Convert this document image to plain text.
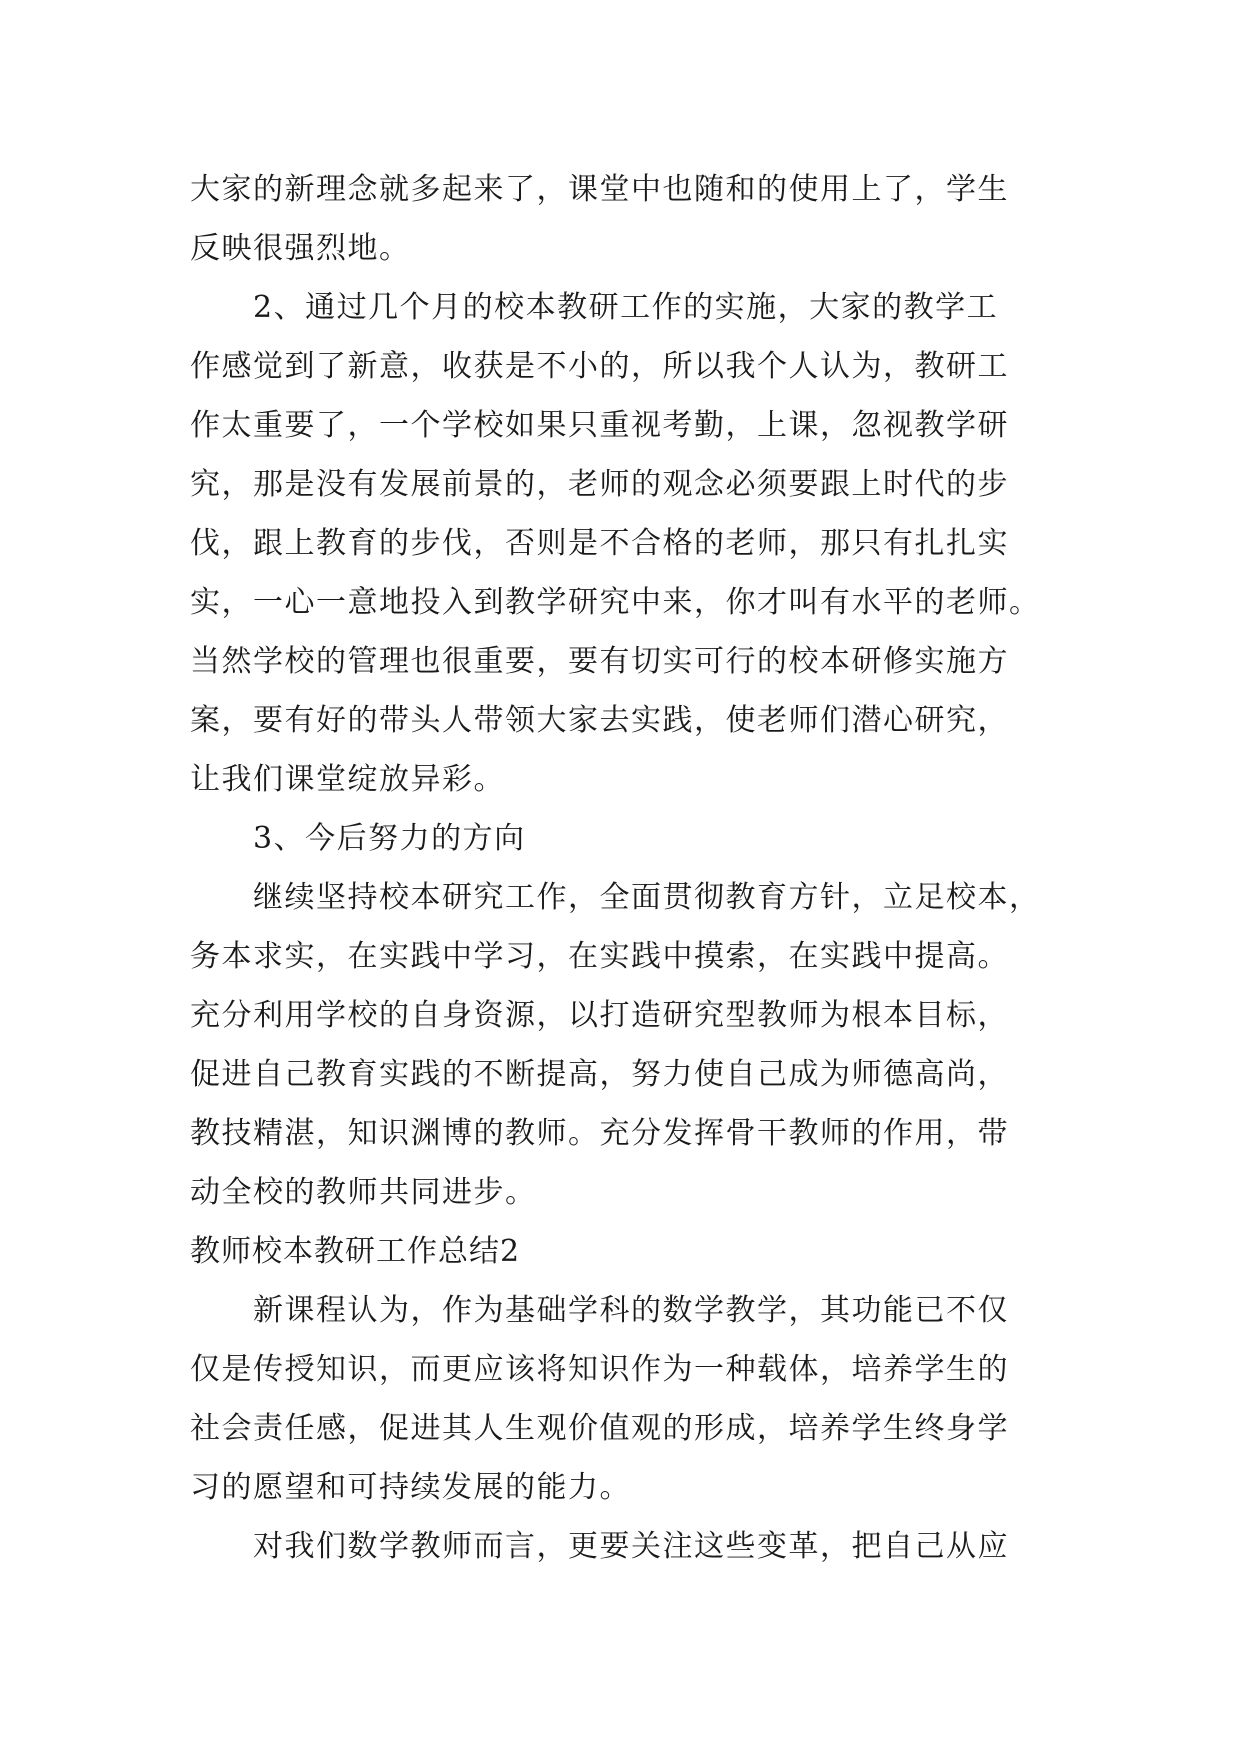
大家的新理念就多起来了，课堂中也随和的使用上了，学生
反映很强烈地。
2、通过几个月的校本教研工作的实施，大家的教学工
作感觉到了新意，收获是不小的，所以我个人认为，教研工
作太重要了，一个学校如果只重视考勤，上课，忽视教学研
究，那是没有发展前景的，老师的观念必须要跟上时代的步
伐，跟上教育的步伐，否则是不合格的老师，那只有扎扎实
实，一心一意地投入到教学研究中来，你才叫有水平的老师。
当然学校的管理也很重要，要有切实可行的校本研修实施方
案，要有好的带头人带领大家去实践，使老师们潜心研究，
让我们课堂绽放异彩。
3、今后努力的方向
继续坚持校本研究工作，全面贯彻教育方针，立足校本，
务本求实，在实践中学习，在实践中摸索，在实践中提高。
充分利用学校的自身资源，以打造研究型教师为根本目标，
促进自己教育实践的不断提高，努力使自己成为师德高尚，
教技精湛，知识渊博的教师。充分发挥骨干教师的作用，带
动全校的教师共同进步。
教师校本教研工作总结2
新课程认为，作为基础学科的数学教学，其功能已不仅
仅是传授知识，而更应该将知识作为一种载体，培养学生的
社会责任感，促进其人生观价值观的形成，培养学生终身学
习的愿望和可持续发展的能力。
对我们数学教师而言，更要关注这些变革，把自己从应
